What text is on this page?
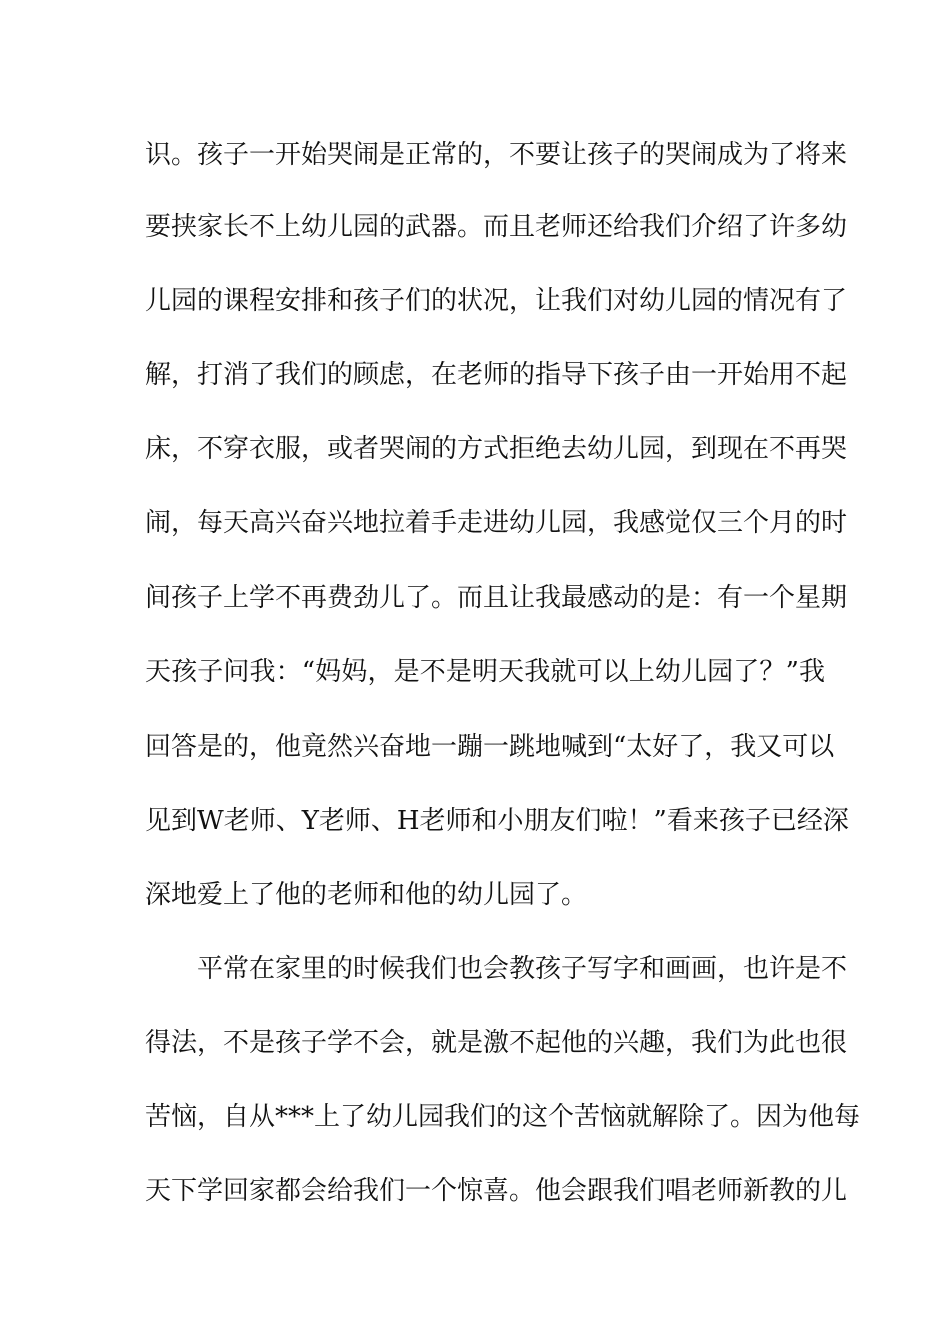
识。孩子一开始哭闹是正常的，不要让孩子的哭闹成为了将来
要挟家长不上幼儿园的武器。而且老师还给我们介绍了许多幼
儿园的课程安排和孩子们的状况，让我们对幼儿园的情况有了
解，打消了我们的顾虑，在老师的指导下孩子由一开始用不起
床，不穿衣服，或者哭闹的方式拒绝去幼儿园，到现在不再哭
闹，每天高兴奋兴地拉着手走进幼儿园，我感觉仅三个月的时
间孩子上学不再费劲儿了。而且让我最感动的是：有一个星期
天孩子问我：“妈妈，是不是明天我就可以上幼儿园了？”我
回答是的，他竟然兴奋地一蹦一跳地喊到“太好了，我又可以
见到W老师、Y老师、H老师和小朋友们啦！”看来孩子已经深
深地爱上了他的老师和他的幼儿园了。
平常在家里的时候我们也会教孩子写字和画画，也许是不
得法，不是孩子学不会，就是激不起他的兴趣，我们为此也很
苦恼，自从***上了幼儿园我们的这个苦恼就解除了。因为他每
天下学回家都会给我们一个惊喜。他会跟我们唱老师新教的儿
